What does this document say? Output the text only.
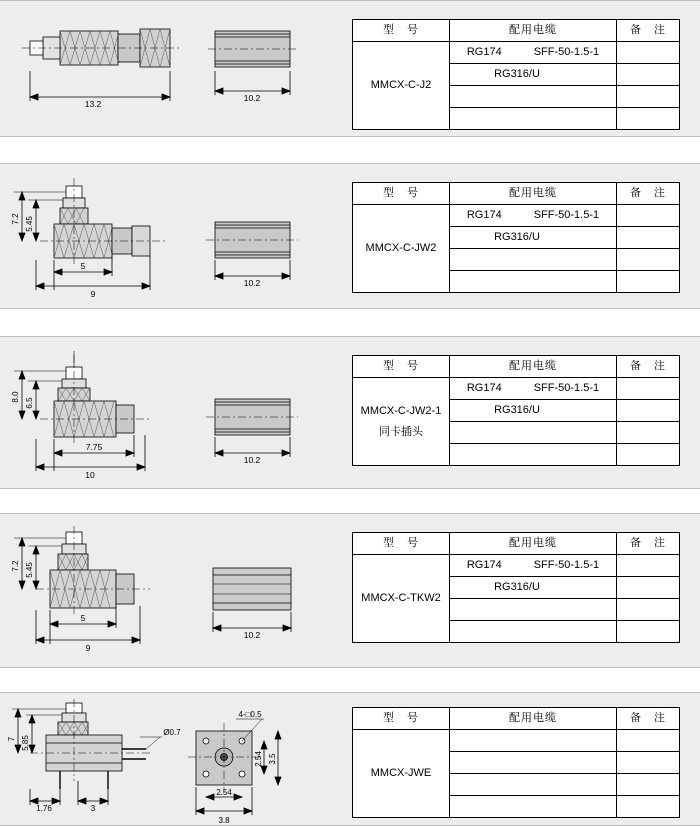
13.2
10.2
型　号	配用电缆	备　注
MMCX-C-J2	RG174 SFF-50-1.5-1	
	RG316/U	

7.2 5.45
5
9
10.2
型　号	配用电缆	备　注
MMCX-C-JW2	RG174 SFF-50-1.5-1	
	RG316/U	

8.0
6.5
7.75
10
10.2
型　号	配用电缆	备　注
MMCX-C-JW2-1
同卡插头	RG174 SFF-50-1.5-1	
	RG316/U	

7.2 5.45
5
9
10.2
型　号	配用电缆	备　注
MMCX-C-TKW2	RG174 SFF-50-1.5-1	
	RG316/U	

7 5.85
1.76	3
Ø0.7
4-□0.5
2.54 3.5
2.54
3.8
型　号	配用电缆	备　注
MMCX-JWE
